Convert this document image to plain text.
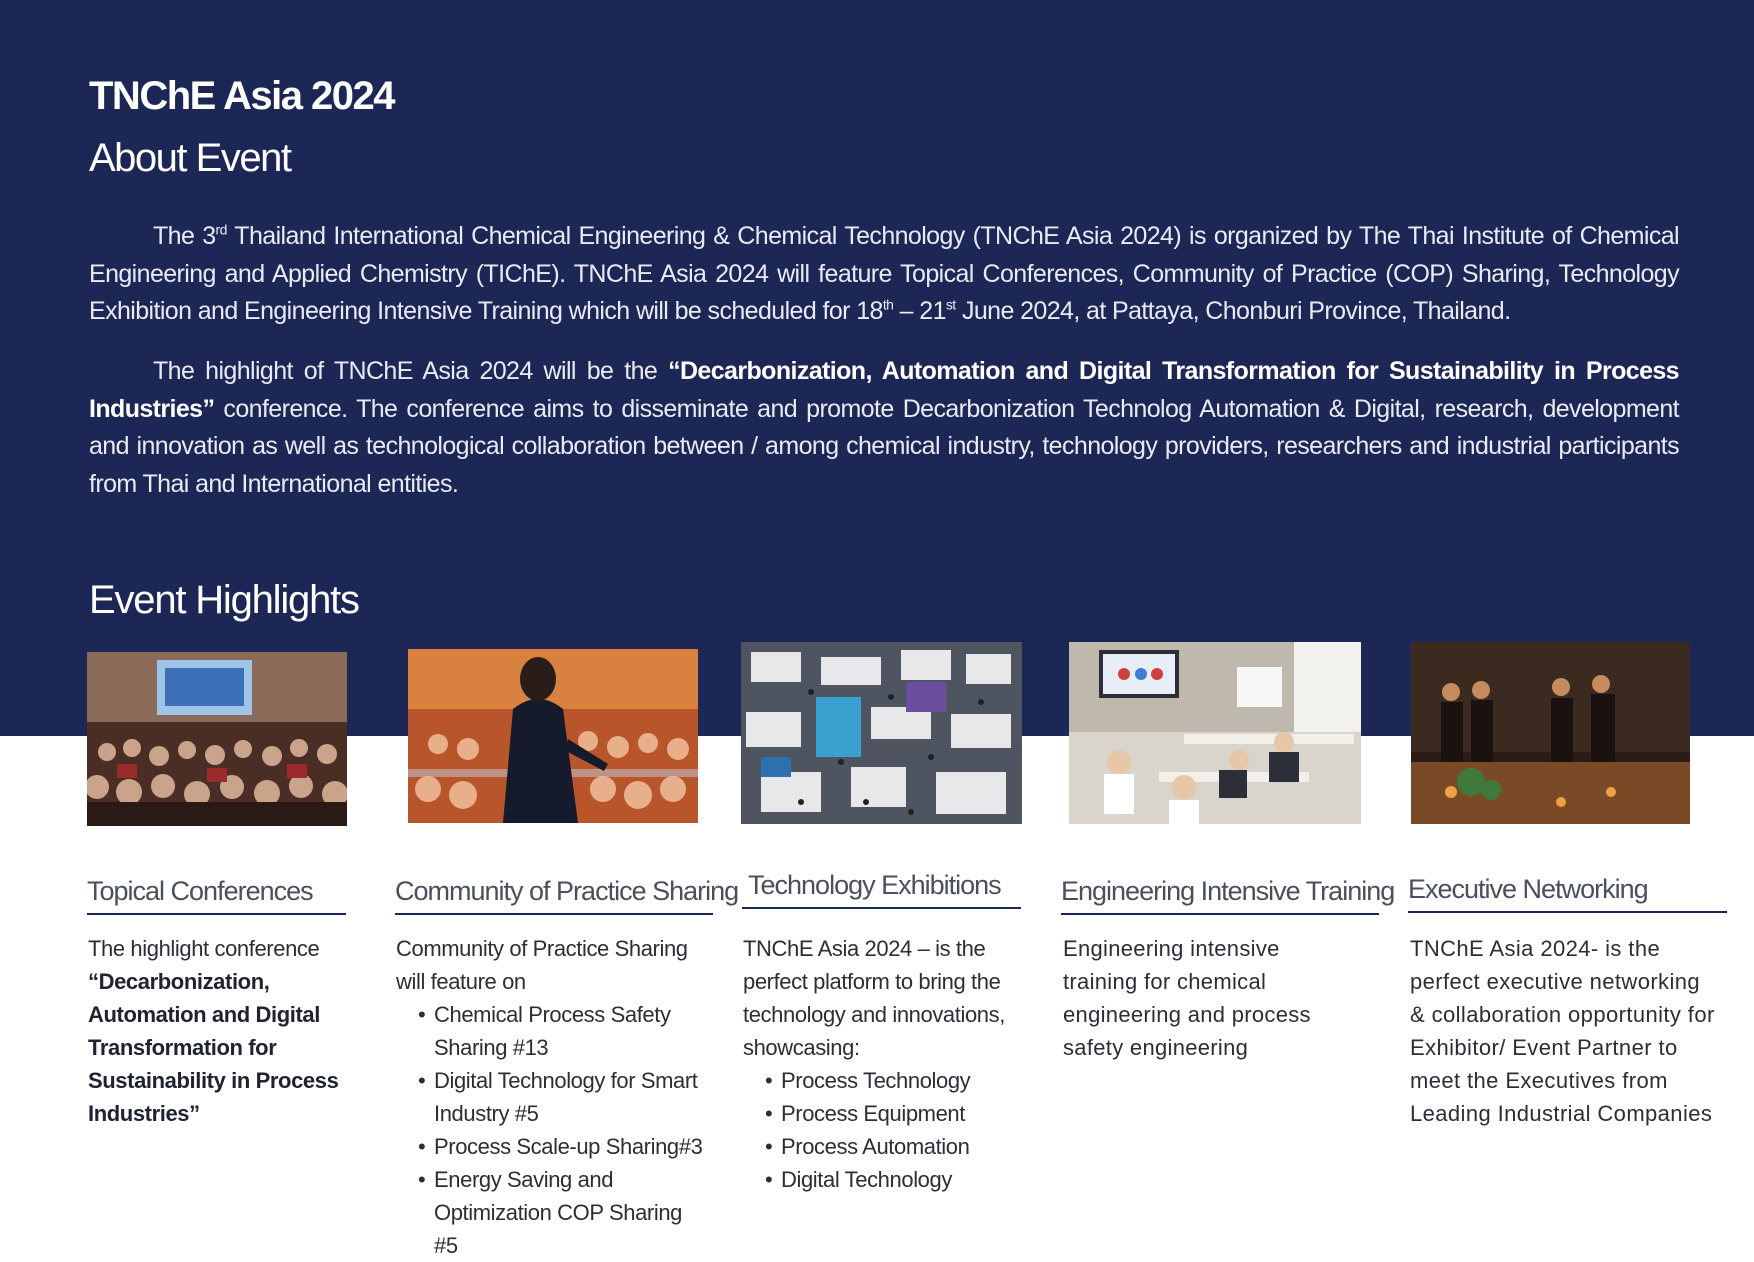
TNChE Asia 2024
About Event

The 3rd Thailand International Chemical Engineering & Chemical Technology (TNChE Asia 2024) is organized by The Thai Institute of Chemical Engineering and Applied Chemistry (TIChE). TNChE Asia 2024 will feature Topical Conferences, Community of Practice (COP) Sharing, Technology Exhibition and Engineering Intensive Training which will be scheduled for 18th – 21st June 2024, at Pattaya, Chonburi Province, Thailand.

The highlight of TNChE Asia 2024 will be the “Decarbonization, Automation and Digital Transformation for Sustainability in Process Industries” conference. The conference aims to disseminate and promote Decarbonization Technolog Automation & Digital, research, development and innovation as well as technological collaboration between / among chemical industry, technology providers, researchers and industrial participants from Thai and International entities.

Event Highlights
Topical Conferences
The highlight conference
“Decarbonization, Automation and Digital Transformation for Sustainability in Process Industries”
Community of Practice Sharing
Community of Practice Sharing will feature on
• Chemical Process Safety Sharing #13
• Digital Technology for Smart Industry #5
• Process Scale-up Sharing#3
• Energy Saving and Optimization COP Sharing #5
Technology Exhibitions
TNChE Asia 2024 – is the perfect platform to bring the technology and innovations, showcasing:
• Process Technology
• Process Equipment
• Process Automation
• Digital Technology
Engineering Intensive Training
Engineering intensive training for chemical engineering and process safety engineering
Executive Networking
TNChE Asia 2024- is the perfect executive networking & collaboration opportunity for Exhibitor/ Event Partner to meet the Executives from Leading Industrial Companies
